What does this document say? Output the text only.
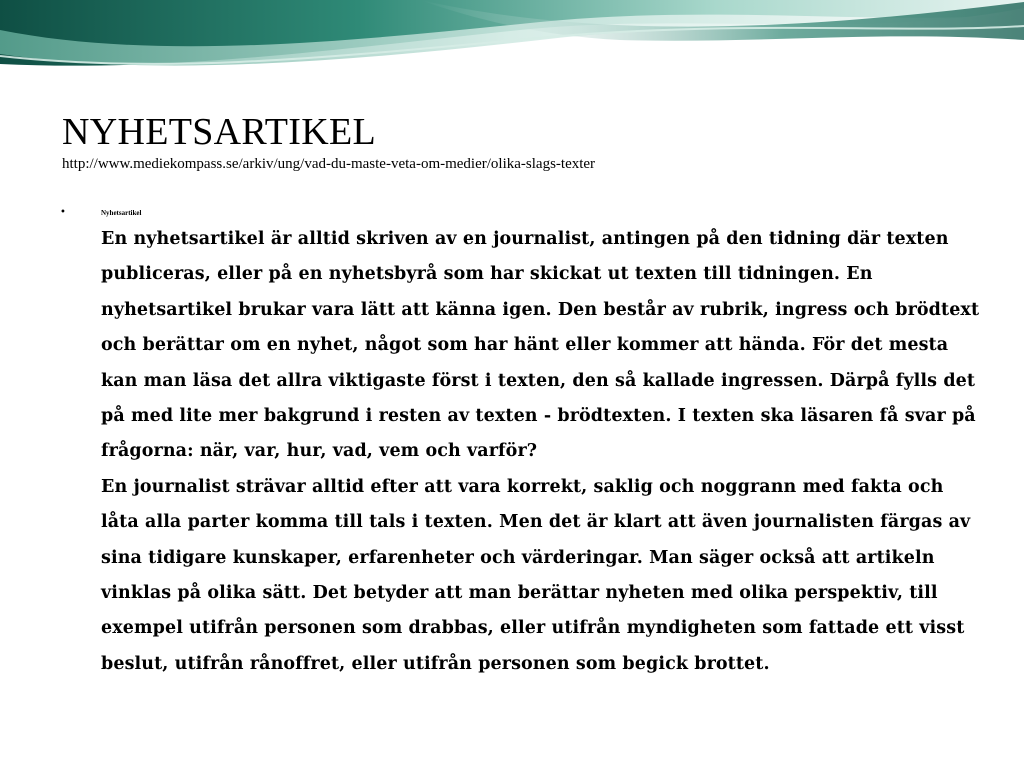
NYHETSARTIKEL
http://www.mediekompass.se/arkiv/ung/vad-du-maste-veta-om-medier/olika-slags-texter
•	Nyhetsartikel

En nyhetsartikel är alltid skriven av en journalist, antingen på den tidning där texten publiceras, eller på en nyhetsbyrå som har skickat ut texten till tidningen. En nyhetsartikel brukar vara lätt att känna igen. Den består av rubrik, ingress och brödtext och berättar om en nyhet, något som har hänt eller kommer att hända. För det mesta kan man läsa det allra viktigaste först i texten, den så kallade ingressen. Därpå fylls det på med lite mer bakgrund i resten av texten - brödtexten. I texten ska läsaren få svar på frågorna: när, var, hur, vad, vem och varför?

En journalist strävar alltid efter att vara korrekt, saklig och noggrann med fakta och låta alla parter komma till tals i texten. Men det är klart att även journalisten färgas av sina tidigare kunskaper, erfarenheter och värderingar. Man säger också att artikeln vinklas på olika sätt. Det betyder att man berättar nyheten med olika perspektiv, till exempel utifrån personen som drabbas, eller utifrån myndigheten som fattade ett visst beslut, utifrån rånoffret, eller utifrån personen som begick brottet.
